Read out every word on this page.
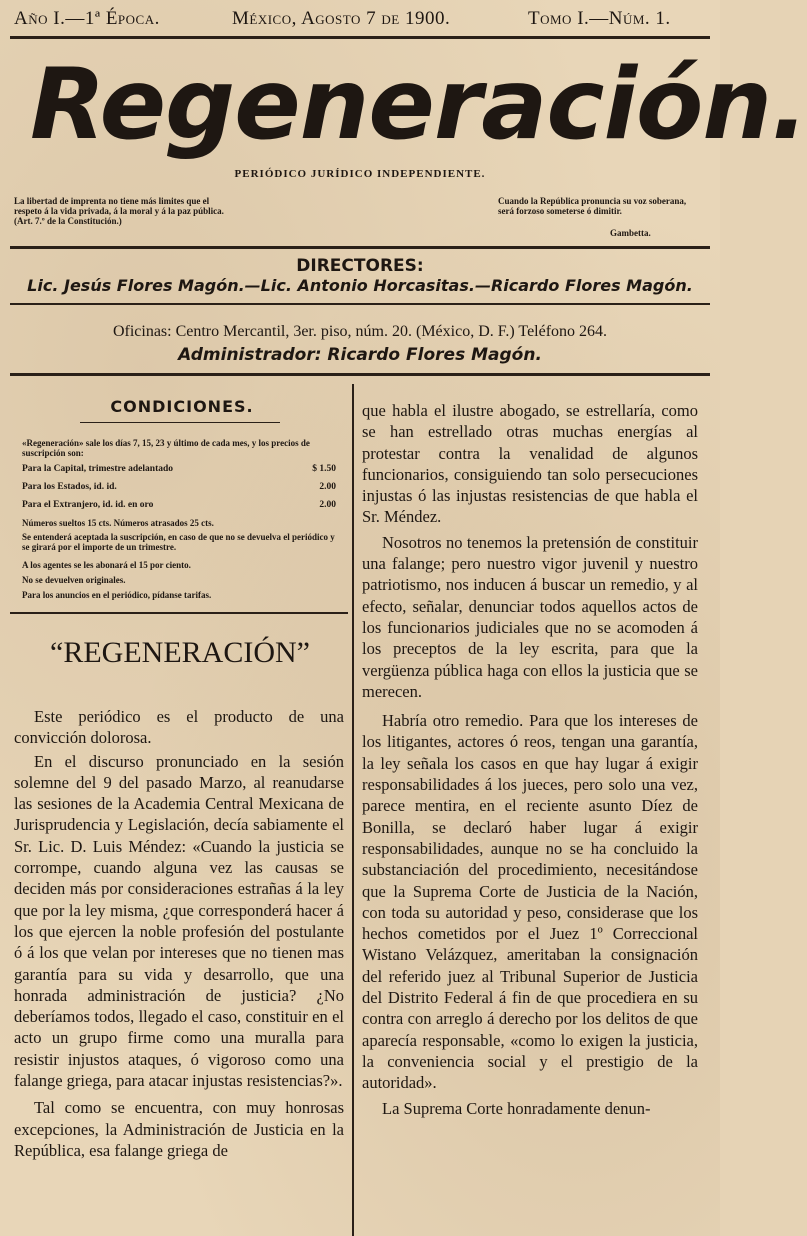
Año I.—1ª Época.	México, Agosto 7 de 1900.	Tomo I.—Núm. 1.
Regeneración.
PERIÓDICO JURÍDICO INDEPENDIENTE.
La libertad de imprenta no tiene más limites que el respeto á la vida privada, á la moral y á la paz pública. (Art. 7.º de la Constitución.)
Cuando la República pronuncia su voz soberana, será forzoso someterse ó dimitir.
Gambetta.
DIRECTORES:
Lic. Jesús Flores Magón.—Lic. Antonio Horcasitas.—Ricardo Flores Magón.
Oficinas: Centro Mercantil, 3er. piso, núm. 20. (México, D. F.) Teléfono 264.
Administrador: Ricardo Flores Magón.
CONDICIONES.
«Regeneración» sale los días 7, 15, 23 y último de cada mes, y los precios de suscripción son:
Para la Capital, trimestre adelantado	$ 1.50
Para los Estados, id. id.	2.00
Para el Extranjero, id. id. en oro	2.00
Números sueltos 15 cts. Números atrasados 25 cts.
Se entenderá aceptada la suscripción, en caso de que no se devuelva el periódico y se girará por el importe de un trimestre.
A los agentes se les abonará el 15 por ciento.
No se devuelven originales.
Para los anuncios en el periódico, pídanse tarifas.
“REGENERACIÓN”

Este periódico es el producto de una convicción dolorosa.

En el discurso pronunciado en la sesión solemne del 9 del pasado Marzo, al reanudarse las sesiones de la Academia Central Mexicana de Jurisprudencia y Legislación, decía sabiamente el Sr. Lic. D. Luis Méndez: «Cuando la justicia se corrompe, cuando alguna vez las causas se deciden más por consideraciones estrañas á la ley que por la ley misma, ¿que corresponderá hacer á los que ejercen la noble profesión del postulante ó á los que velan por intereses que no tienen mas garantía para su vida y desarrollo, que una honrada administración de justicia? ¿No deberíamos todos, llegado el caso, constituir en el acto un grupo firme como una muralla para resistir injustos ataques, ó vigoroso como una falange griega, para atacar injustas resistencias?».

Tal como se encuentra, con muy honrosas excepciones, la Administración de Justicia en la República, esa falange griega de

que habla el ilustre abogado, se estrellaría, como se han estrellado otras muchas energías al protestar contra la venalidad de algunos funcionarios, consiguiendo tan solo persecuciones injustas ó las injustas resistencias de que habla el Sr. Méndez.

Nosotros no tenemos la pretensión de constituir una falange; pero nuestro vigor juvenil y nuestro patriotismo, nos inducen á buscar un remedio, y al efecto, señalar, denunciar todos aquellos actos de los funcionarios judiciales que no se acomoden á los preceptos de la ley escrita, para que la vergüenza pública haga con ellos la justicia que se merecen.

Habría otro remedio. Para que los intereses de los litigantes, actores ó reos, tengan una garantía, la ley señala los casos en que hay lugar á exigir responsabilidades á los jueces, pero solo una vez, parece mentira, en el reciente asunto Díez de Bonilla, se declaró haber lugar á exigir responsabilidades, aunque no se ha concluido la substanciación del procedimiento, necesitándose que la Suprema Corte de Justicia de la Nación, con toda su autoridad y peso, considerase que los hechos cometidos por el Juez 1º Correccional Wistano Velázquez, ameritaban la consignación del referido juez al Tribunal Superior de Justicia del Distrito Federal á fin de que procediera en su contra con arreglo á derecho por los delitos de que aparecía responsable, «como lo exigen la justicia, la conveniencia social y el prestigio de la autoridad».

La Suprema Corte honradamente denun-
